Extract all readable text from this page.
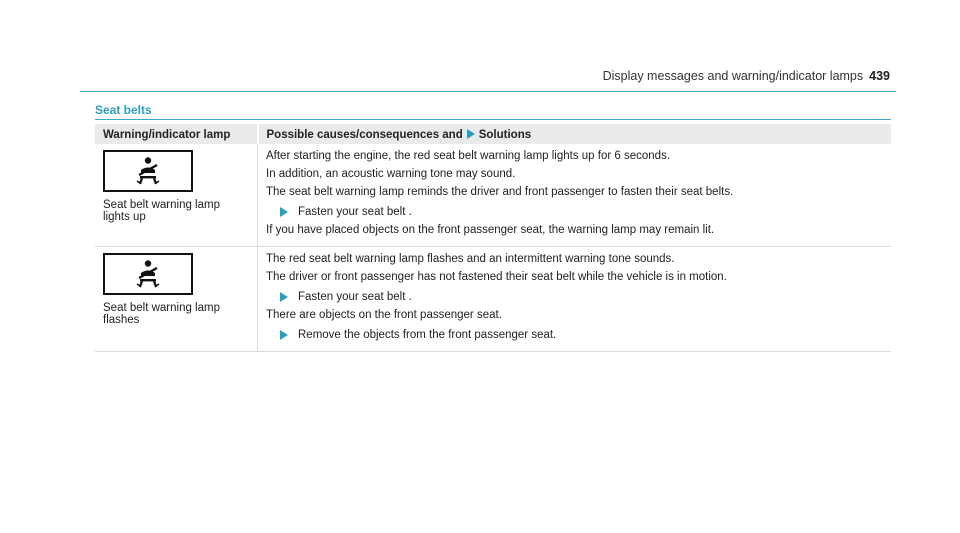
Display messages and warning/indicator lamps 439
Seat belts
Warning/indicator lamp	Possible causes/consequences and Solutions

Seat belt warning lamp lights up	After starting the engine, the red seat belt warning lamp lights up for 6 seconds.
In addition, an acoustic warning tone may sound.
The seat belt warning lamp reminds the driver and front passenger to fasten their seat belts.
Fasten your seat belt .
If you have placed objects on the front passenger seat, the warning lamp may remain lit.

Seat belt warning lamp flashes	The red seat belt warning lamp flashes and an intermittent warning tone sounds.
The driver or front passenger has not fastened their seat belt while the vehicle is in motion.
Fasten your seat belt .
There are objects on the front passenger seat.
Remove the objects from the front passenger seat.
